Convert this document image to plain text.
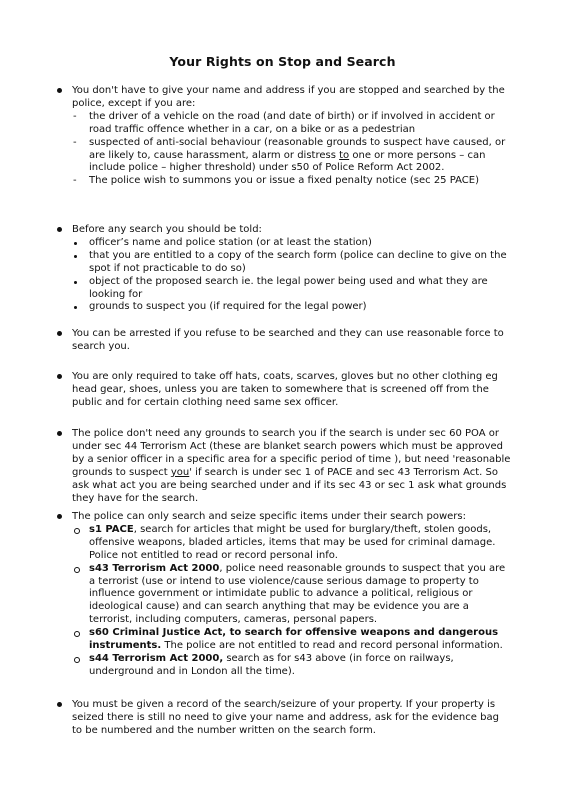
Your Rights on Stop and Search

You don't have to give your name and address if you are stopped and searched by the police, except if you are:

- the driver of a vehicle on the road (and date of birth) or if involved in accident or road traffic offence whether in a car, on a bike or as a pedestrian
- suspected of anti-social behaviour (reasonable grounds to suspect have caused, or are likely to, cause harassment, alarm or distress to one or more persons – can include police – higher threshold) under s50 of Police Reform Act 2002.
- The police wish to summons you or issue a fixed penalty notice (sec 25 PACE)

Before any search you should be told:

officer’s name and police station (or at least the station)
that you are entitled to a copy of the search form (police can decline to give on the spot if not practicable to do so)
object of the proposed search ie. the legal power being used and what they are looking for
grounds to suspect you (if required for the legal power)

You can be arrested if you refuse to be searched and they can use reasonable force to search you.

You are only required to take off hats, coats, scarves, gloves but no other clothing eg head gear, shoes, unless you are taken to somewhere that is screened off from the public and for certain clothing need same sex officer.

The police don't need any grounds to search you if the search is under sec 60 POA or under sec 44 Terrorism Act (these are blanket search powers which must be approved by a senior officer in a specific area for a specific period of time ), but need 'reasonable grounds to suspect you' if search is under sec 1 of PACE and sec 43 Terrorism Act. So ask what act you are being searched under and if its sec 43 or sec 1 ask what grounds they have for the search.

The police can only search and seize specific items under their search powers:

s1 PACE, search for articles that might be used for burglary/theft, stolen goods, offensive weapons, bladed articles, items that may be used for criminal damage. Police not entitled to read or record personal info.
s43 Terrorism Act 2000, police need reasonable grounds to suspect that you are a terrorist (use or intend to use violence/cause serious damage to property to influence government or intimidate public to advance a political, religious or ideological cause) and can search anything that may be evidence you are a terrorist, including computers, cameras, personal papers.
s60 Criminal Justice Act, to search for offensive weapons and dangerous instruments. The police are not entitled to read and record personal information.
s44 Terrorism Act 2000, search as for s43 above (in force on railways, underground and in London all the time).

You must be given a record of the search/seizure of your property. If your property is seized there is still no need to give your name and address, ask for the evidence bag to be numbered and the number written on the search form.
